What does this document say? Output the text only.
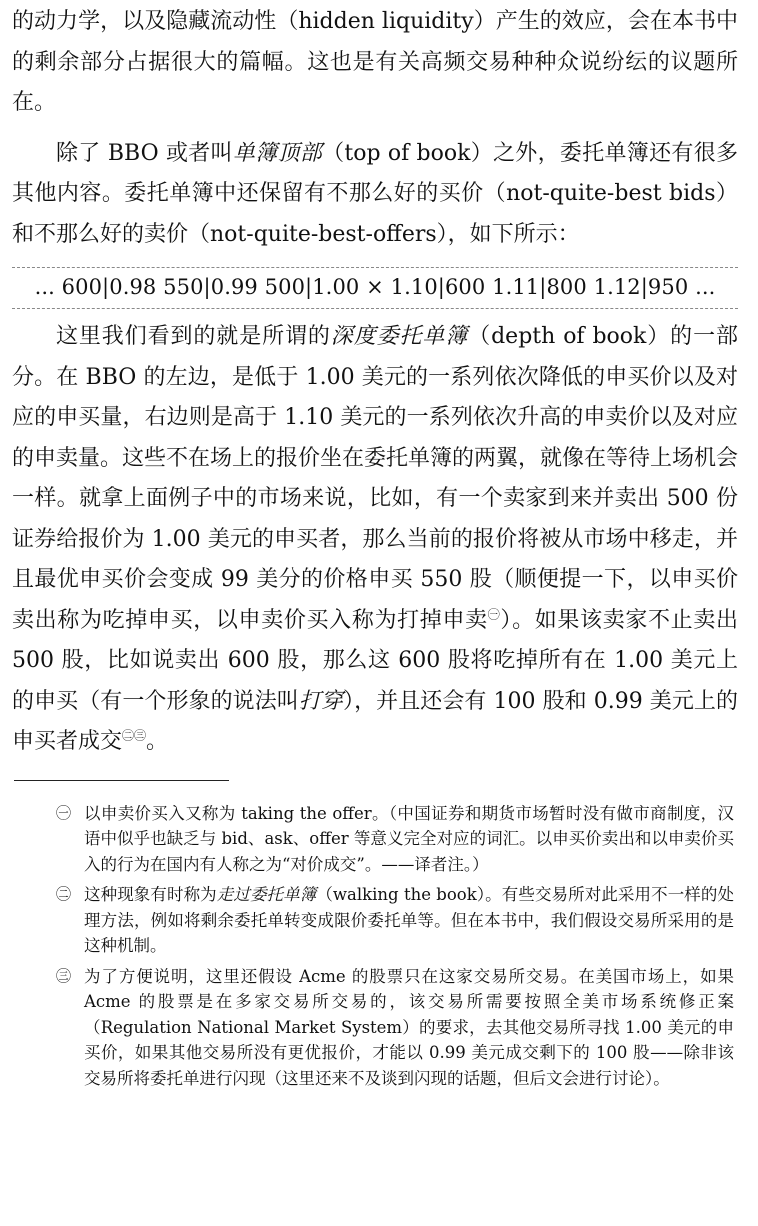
的动力学，以及隐藏流动性（hidden liquidity）产生的效应，会在本书中的剩余部分占据很大的篇幅。这也是有关高频交易种种众说纷纭的议题所在。

除了 BBO 或者叫单簿顶部（top of book）之外，委托单簿还有很多其他内容。委托单簿中还保留有不那么好的买价（not-quite-best bids）和不那么好的卖价（not-quite-best-offers），如下所示：

... 600|0.98 550|0.99 500|1.00 × 1.10|600 1.11|800 1.12|950 ...

这里我们看到的就是所谓的深度委托单簿（depth of book）的一部分。在 BBO 的左边，是低于 1.00 美元的一系列依次降低的申买价以及对应的申买量，右边则是高于 1.10 美元的一系列依次升高的申卖价以及对应的申卖量。这些不在场上的报价坐在委托单簿的两翼，就像在等待上场机会一样。就拿上面例子中的市场来说，比如，有一个卖家到来并卖出 500 份证券给报价为 1.00 美元的申买者，那么当前的报价将被从市场中移走，并且最优申买价会变成 99 美分的价格申买 550 股（顺便提一下，以申买价卖出称为吃掉申买，以申卖价买入称为打掉申卖$^㊀$）。如果该卖家不止卖出 500 股，比如说卖出 600 股，那么这 600 股将吃掉所有在 1.00 美元上的申买（有一个形象的说法叫打穿），并且还会有 100 股和 0.99 美元上的申买者成交$^{㊁㊂}$。

㊀ 以申卖价买入又称为 taking the offer。（中国证券和期货市场暂时没有做市商制度，汉语中似乎也缺乏与 bid、ask、offer 等意义完全对应的词汇。以申买价卖出和以申卖价买入的行为在国内有人称之为“对价成交”。——译者注。）
㊁ 这种现象有时称为走过委托单簿（walking the book）。有些交易所对此采用不一样的处理方法，例如将剩余委托单转变成限价委托单等。但在本书中，我们假设交易所采用的是这种机制。
㊂ 为了方便说明，这里还假设 Acme 的股票只在这家交易所交易。在美国市场上，如果 Acme 的股票是在多家交易所交易的，该交易所需要按照全美市场系统修正案（Regulation National Market System）的要求，去其他交易所寻找 1.00 美元的申买价，如果其他交易所没有更优报价，才能以 0.99 美元成交剩下的 100 股——除非该交易所将委托单进行闪现（这里还来不及谈到闪现的话题，但后文会进行讨论）。
